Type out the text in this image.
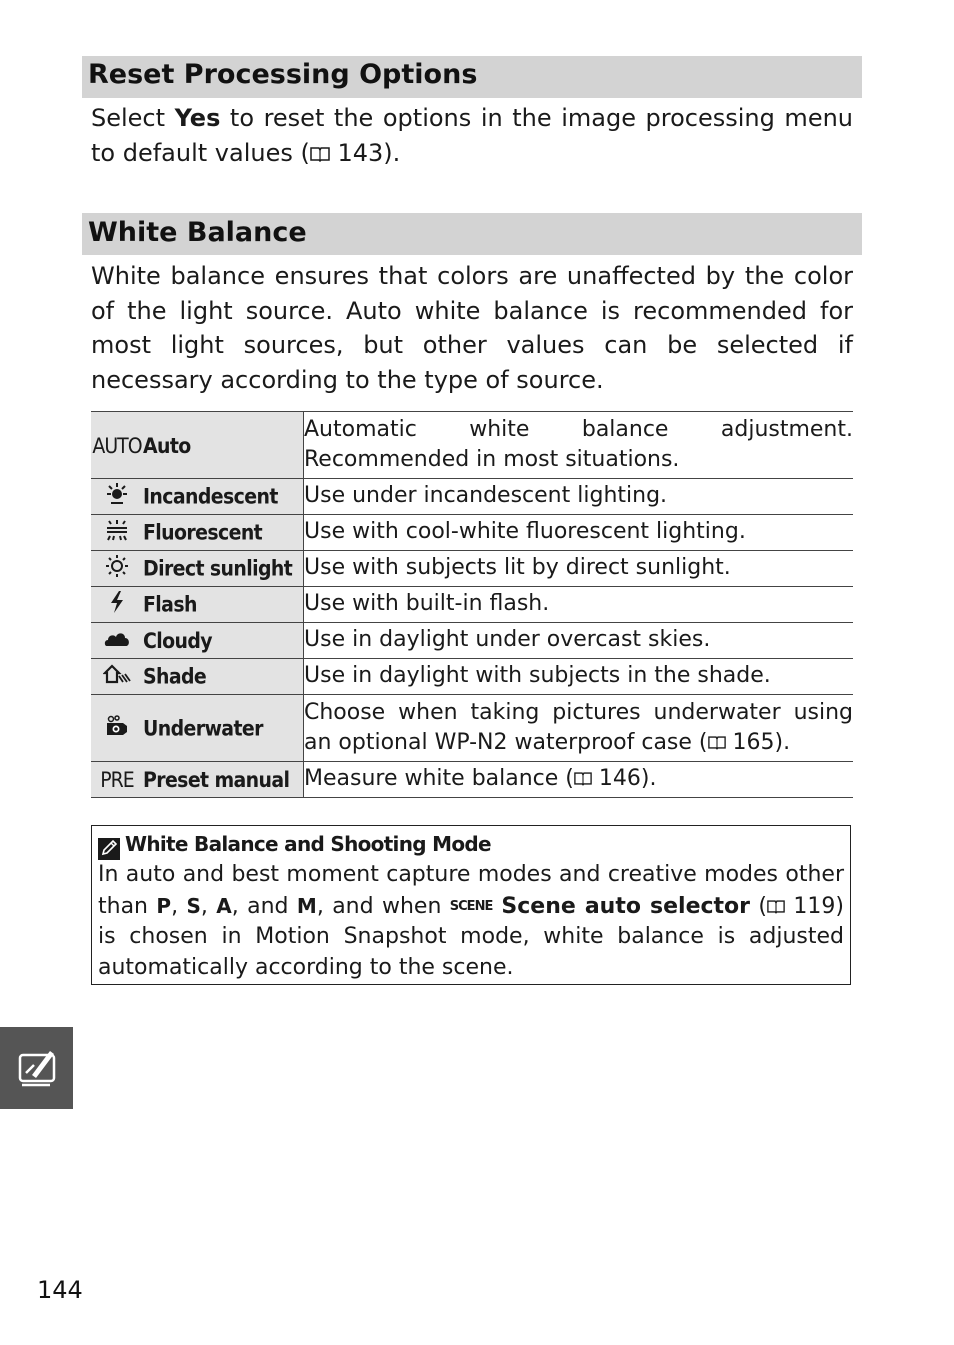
Reset Processing Options

Select Yes to reset the options in the image processing menu to default values ( 143).

White Balance

White balance ensures that colors are unaffected by the color of the light source. Auto white balance is recommended for most light sources, but other values can be selected if necessary according to the type of source.

AUTOAuto	Automatic white balance adjustment. Recommended in most situations.
Incandescent	Use under incandescent lighting.
Fluorescent	Use with cool-white fluorescent lighting.
Direct sunlight	Use with subjects lit by direct sunlight.
Flash	Use with built-in flash.
Cloudy	Use in daylight under overcast skies.
Shade	Use in daylight with subjects in the shade.
Underwater	Choose when taking pictures underwater using an optional WP-N2 waterproof case ( 165).
PRE Preset manual	Measure white balance ( 146).
White Balance and Shooting Mode

In auto and best moment capture modes and creative modes other than P, S, A, and M, and when SCENE Scene auto selector ( 119) is chosen in Motion Snapshot mode, white balance is adjusted automatically according to the scene.

144
